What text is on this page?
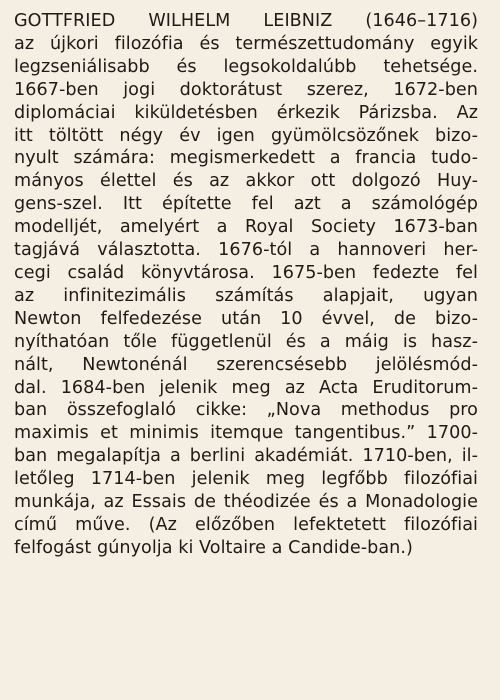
GOTTFRIED WILHELM LEIBNIZ (1646–1716)
az újkori filozófia és természettudomány egyik
legzseniálisabb és legsokoldalúbb tehetsége.
1667-ben jogi doktorátust szerez, 1672-ben
diplomáciai kiküldetésben érkezik Párizsba. Az
itt töltött négy év igen gyümölcsözőnek bizo-
nyult számára: megismerkedett a francia tudo-
mányos élettel és az akkor ott dolgozó Huy-
gens-szel. Itt építette fel azt a számológép
modelljét, amelyért a Royal Society 1673-ban
tagjává választotta. 1676-tól a hannoveri her-
cegi család könyvtárosa. 1675-ben fedezte fel
az infinitezimális számítás alapjait, ugyan
Newton felfedezése után 10 évvel, de bizo-
nyíthatóan tőle függetlenül és a máig is hasz-
nált, Newtonénál szerencsésebb jelölésmód-
dal. 1684-ben jelenik meg az Acta Eruditorum-
ban összefoglaló cikke: „Nova methodus pro
maximis et minimis itemque tangentibus.” 1700-
ban megalapítja a berlini akadémiát. 1710-ben, il-
letőleg 1714-ben jelenik meg legfőbb filozófiai
munkája, az Essais de théodizée és a Monadologie
című műve. (Az előzőben lefektetett filozófiai
felfogást gúnyolja ki Voltaire a Candide-ban.)
